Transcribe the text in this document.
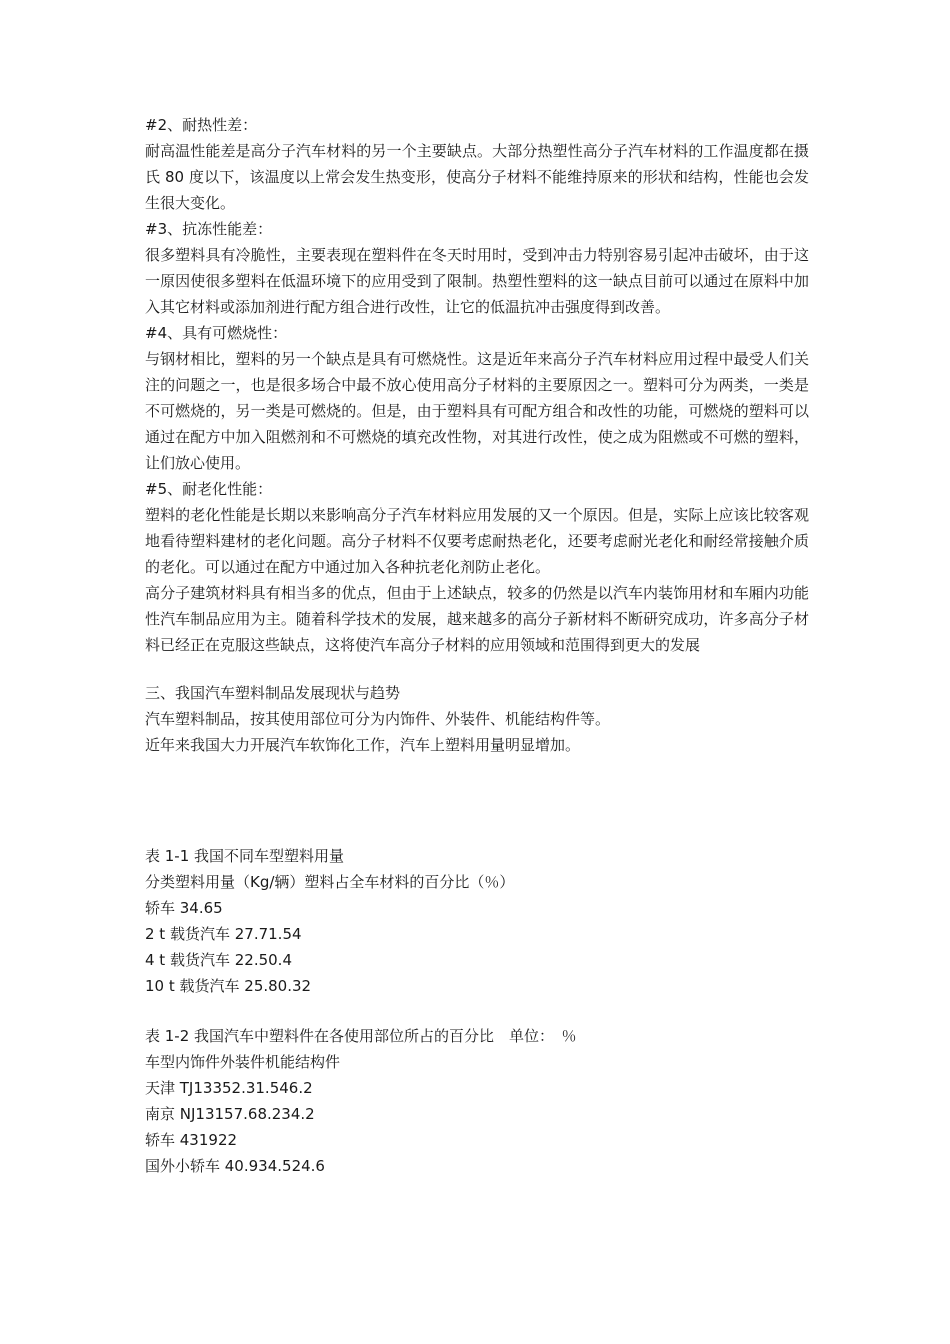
#2、耐热性差：

耐高温性能差是高分子汽车材料的另一个主要缺点。大部分热塑性高分子汽车材料的工作温度都在摄氏 80 度以下，该温度以上常会发生热变形，使高分子材料不能维持原来的形状和结构，性能也会发生很大变化。

#3、抗冻性能差：

很多塑料具有冷脆性，主要表现在塑料件在冬天时用时，受到冲击力特别容易引起冲击破坏，由于这一原因使很多塑料在低温环境下的应用受到了限制。热塑性塑料的这一缺点目前可以通过在原料中加入其它材料或添加剂进行配方组合进行改性，让它的低温抗冲击强度得到改善。

#4、具有可燃烧性：

与钢材相比，塑料的另一个缺点是具有可燃烧性。这是近年来高分子汽车材料应用过程中最受人们关注的问题之一，也是很多场合中最不放心使用高分子材料的主要原因之一。塑料可分为两类，一类是不可燃烧的，另一类是可燃烧的。但是，由于塑料具有可配方组合和改性的功能，可燃烧的塑料可以通过在配方中加入阻燃剂和不可燃烧的填充改性物，对其进行改性，使之成为阻燃或不可燃的塑料，让们放心使用。

#5、耐老化性能：

塑料的老化性能是长期以来影响高分子汽车材料应用发展的又一个原因。但是，实际上应该比较客观地看待塑料建材的老化问题。高分子材料不仅要考虑耐热老化，还要考虑耐光老化和耐经常接触介质的老化。可以通过在配方中通过加入各种抗老化剂防止老化。

高分子建筑材料具有相当多的优点，但由于上述缺点，较多的仍然是以汽车内装饰用材和车厢内功能性汽车制品应用为主。随着科学技术的发展，越来越多的高分子新材料不断研究成功，许多高分子材料已经正在克服这些缺点，这将使汽车高分子材料的应用领域和范围得到更大的发展

三、我国汽车塑料制品发展现状与趋势
汽车塑料制品，按其使用部位可分为内饰件、外装件、机能结构件等。
近年来我国大力开展汽车软饰化工作，汽车上塑料用量明显增加。
表 1-1 我国不同车型塑料用量
分类塑料用量（Kg/辆）塑料占全车材料的百分比（％）
轿车 34.65
2 t 载货汽车 27.71.54
4 t 载货汽车 22.50.4
10 t 载货汽车 25.80.32
表 1-2 我国汽车中塑料件在各使用部位所占的百分比　单位：　％
车型内饰件外装件机能结构件
天津 TJ13352.31.546.2
南京 NJ13157.68.234.2
轿车 431922
国外小轿车 40.934.524.6
